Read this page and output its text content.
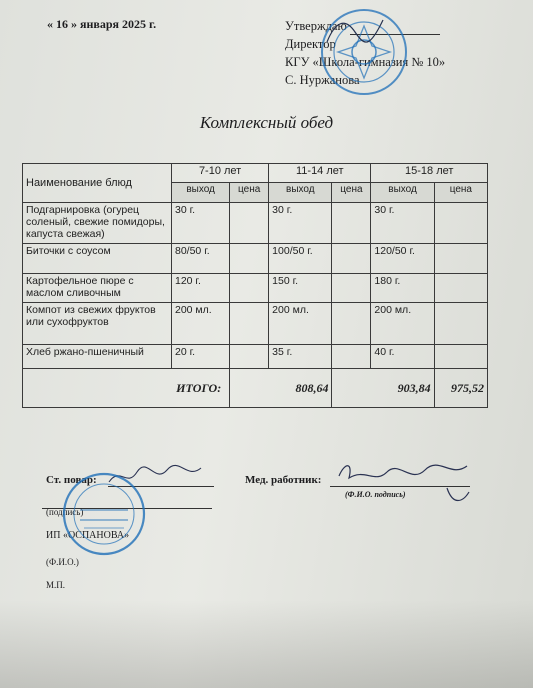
« 16 » января 2025 г.	Утверждаю
Директор
КГУ «Школа-гимназия № 10»
С. Нуржанова
Комплексный обед
Наименование блюд	7-10 лет		11-14 лет		15-18 лет	
	выход	цена	выход	цена	выход	цена
Подгарнировка (огурец соленый, свежие помидоры, капуста свежая)	30 г.		30 г.		30 г.	
Биточки с соусом	80/50 г.		100/50 г.		120/50 г.	
Картофельное пюре с маслом сливочным	120 г.		150 г.		180 г.	
Компот из свежих фруктов или сухофруктов	200 мл.		200 мл.		200 мл.	
Хлеб ржано-пшеничный	20 г.		35 г.		40 г.	
ИТОГО:		808,64		903,84		975,52
Ст. повар:	Мед. работник:
(Ф.И.О. подпись)
(подпись)
ИП «ОСПАНОВА»
(Ф.И.О.)
М.П.
